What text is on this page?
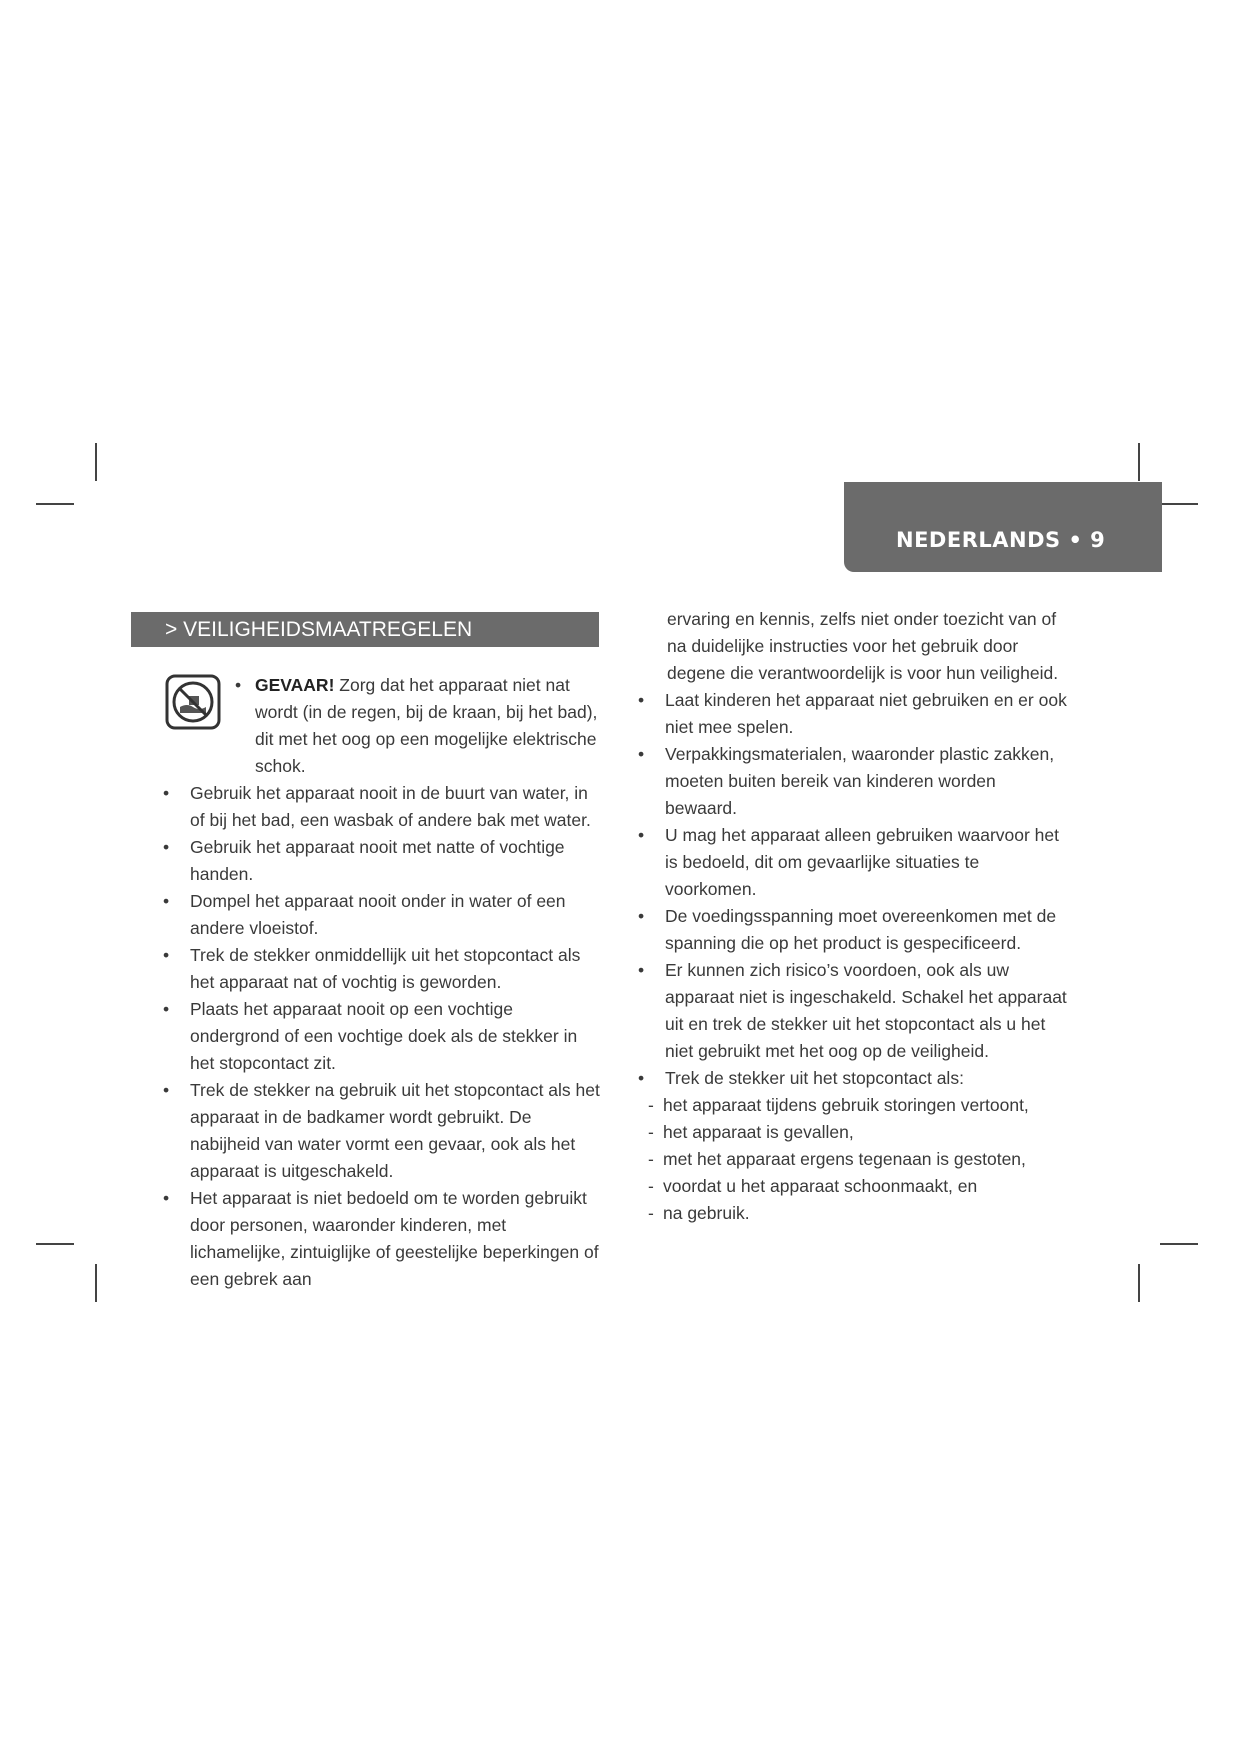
NEDERLANDS • 9
> VEILIGHEIDSMAATREGELEN
• GEVAAR! Zorg dat het apparaat niet nat wordt (in de regen, bij de kraan, bij het bad), dit met het oog op een mogelijke elektrische schok.
•	Gebruik het apparaat nooit in de buurt van water, in of bij het bad, een wasbak of andere bak met water.
•	Gebruik het apparaat nooit met natte of vochtige handen.
•	Dompel het apparaat nooit onder in water of een andere vloeistof.
•	Trek de stekker onmiddellijk uit het stopcontact als het apparaat nat of vochtig is geworden.
•	Plaats het apparaat nooit op een vochtige ondergrond of een vochtige doek als de stekker in het stopcontact zit.
•	Trek de stekker na gebruik uit het stopcontact als het apparaat in de badkamer wordt gebruikt. De nabijheid van water vormt een gevaar, ook als het apparaat is uitgeschakeld.
•	Het apparaat is niet bedoeld om te worden gebruikt door personen, waaronder kinderen, met lichamelijke, zintuiglijke of geestelijke beperkingen of een gebrek aan
ervaring en kennis, zelfs niet onder toezicht van of na duidelijke instructies voor het gebruik door degene die verantwoordelijk is voor hun veiligheid.
•	Laat kinderen het apparaat niet gebruiken en er ook niet mee spelen.
•	Verpakkingsmaterialen, waaronder plastic zakken, moeten buiten bereik van kinderen worden bewaard.
•	U mag het apparaat alleen gebruiken waarvoor het is bedoeld, dit om gevaarlijke situaties te voorkomen.
•	De voedingsspanning moet overeenkomen met de spanning die op het product is gespecificeerd.
•	Er kunnen zich risico’s voordoen, ook als uw apparaat niet is ingeschakeld. Schakel het apparaat uit en trek de stekker uit het stopcontact als u het niet gebruikt met het oog op de veiligheid.
•	Trek de stekker uit het stopcontact als:
- het apparaat tijdens gebruik storingen vertoont,
- het apparaat is gevallen,
- met het apparaat ergens tegenaan is gestoten,
- voordat u het apparaat schoonmaakt, en
- na gebruik.
